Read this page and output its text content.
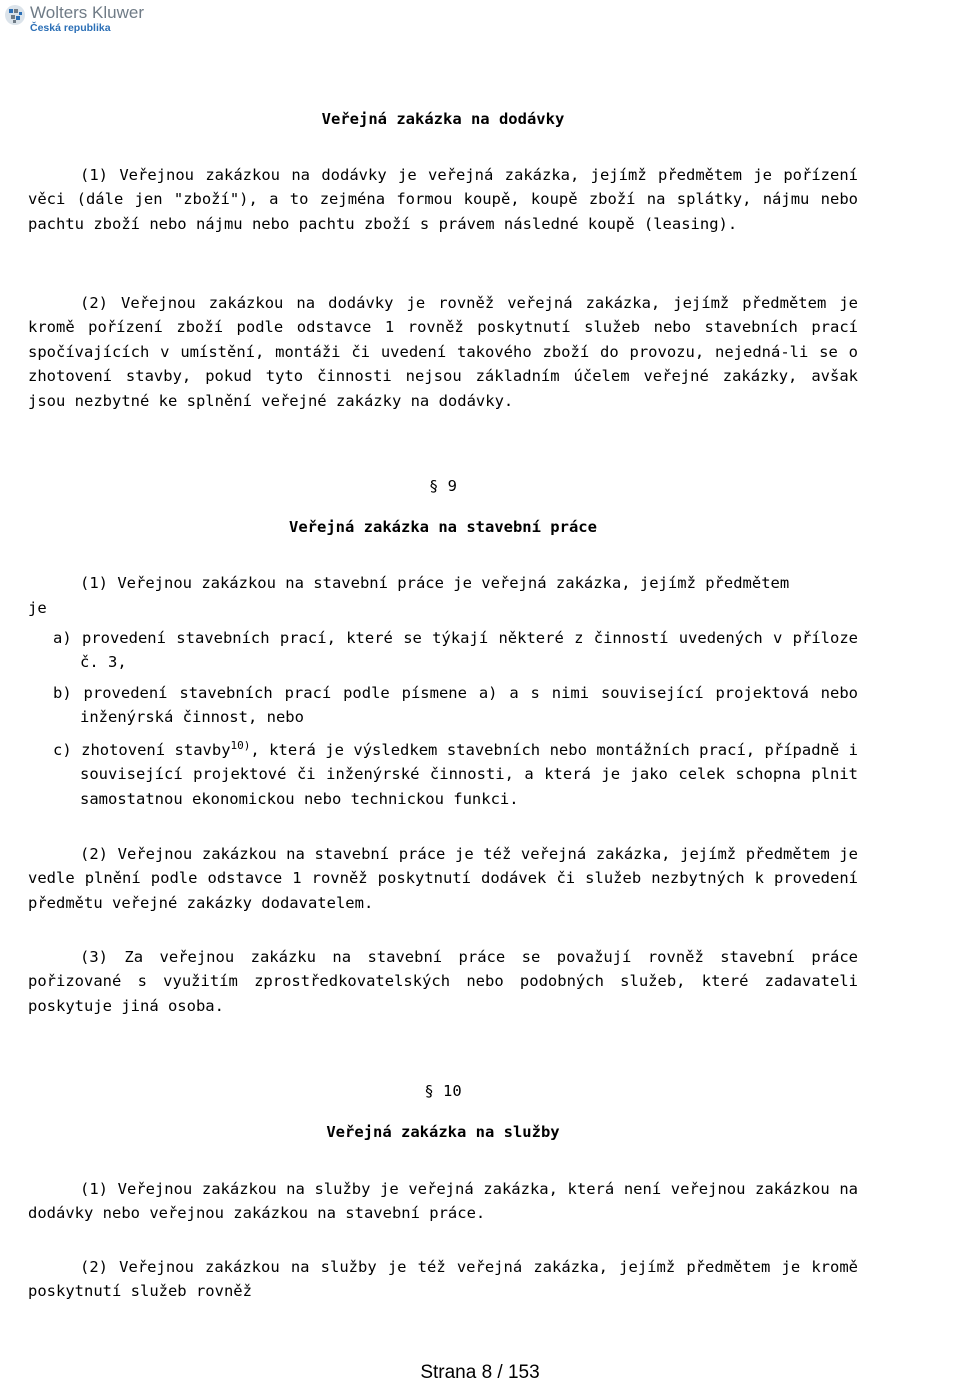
Wolters Kluwer
Česká republika
Veřejná zakázka na dodávky

(1) Veřejnou zakázkou na dodávky je veřejná zakázka, jejímž předmětem je pořízení věci (dále jen "zboží"), a to zejména formou koupě, koupě zboží na splátky, nájmu nebo pachtu zboží nebo nájmu nebo pachtu zboží s právem následné koupě (leasing).

(2) Veřejnou zakázkou na dodávky je rovněž veřejná zakázka, jejímž předmětem je kromě pořízení zboží podle odstavce 1 rovněž poskytnutí služeb nebo stavebních prací spočívajících v umístění, montáži či uvedení takového zboží do provozu, nejedná-li se o zhotovení stavby, pokud tyto činnosti nejsou základním účelem veřejné zakázky, avšak jsou nezbytné ke splnění veřejné zakázky na dodávky.

§ 9
Veřejná zakázka na stavební práce
(1) Veřejnou zakázkou na stavební práce je veřejná zakázka, jejímž předmětem
je

a) provedení stavebních prací, které se týkají některé z činností uvedených v příloze č. 3,

b) provedení stavebních prací podle písmene a) a s nimi související projektová nebo inženýrská činnost, nebo

c) zhotovení stavby$^{10)}$, která je výsledkem stavebních nebo montážních prací, případně i související projektové či inženýrské činnosti, a která je jako celek schopna plnit samostatnou ekonomickou nebo technickou funkci.

(2) Veřejnou zakázkou na stavební práce je též veřejná zakázka, jejímž předmětem je vedle plnění podle odstavce 1 rovněž poskytnutí dodávek či služeb nezbytných k provedení předmětu veřejné zakázky dodavatelem.

(3) Za veřejnou zakázku na stavební práce se považují rovněž stavební práce pořizované s využitím zprostředkovatelských nebo podobných služeb, které zadavateli poskytuje jiná osoba.

§ 10
Veřejná zakázka na služby

(1) Veřejnou zakázkou na služby je veřejná zakázka, která není veřejnou zakázkou na dodávky nebo veřejnou zakázkou na stavební práce.

(2) Veřejnou zakázkou na služby je též veřejná zakázka, jejímž předmětem je kromě poskytnutí služeb rovněž

Strana 8 / 153
